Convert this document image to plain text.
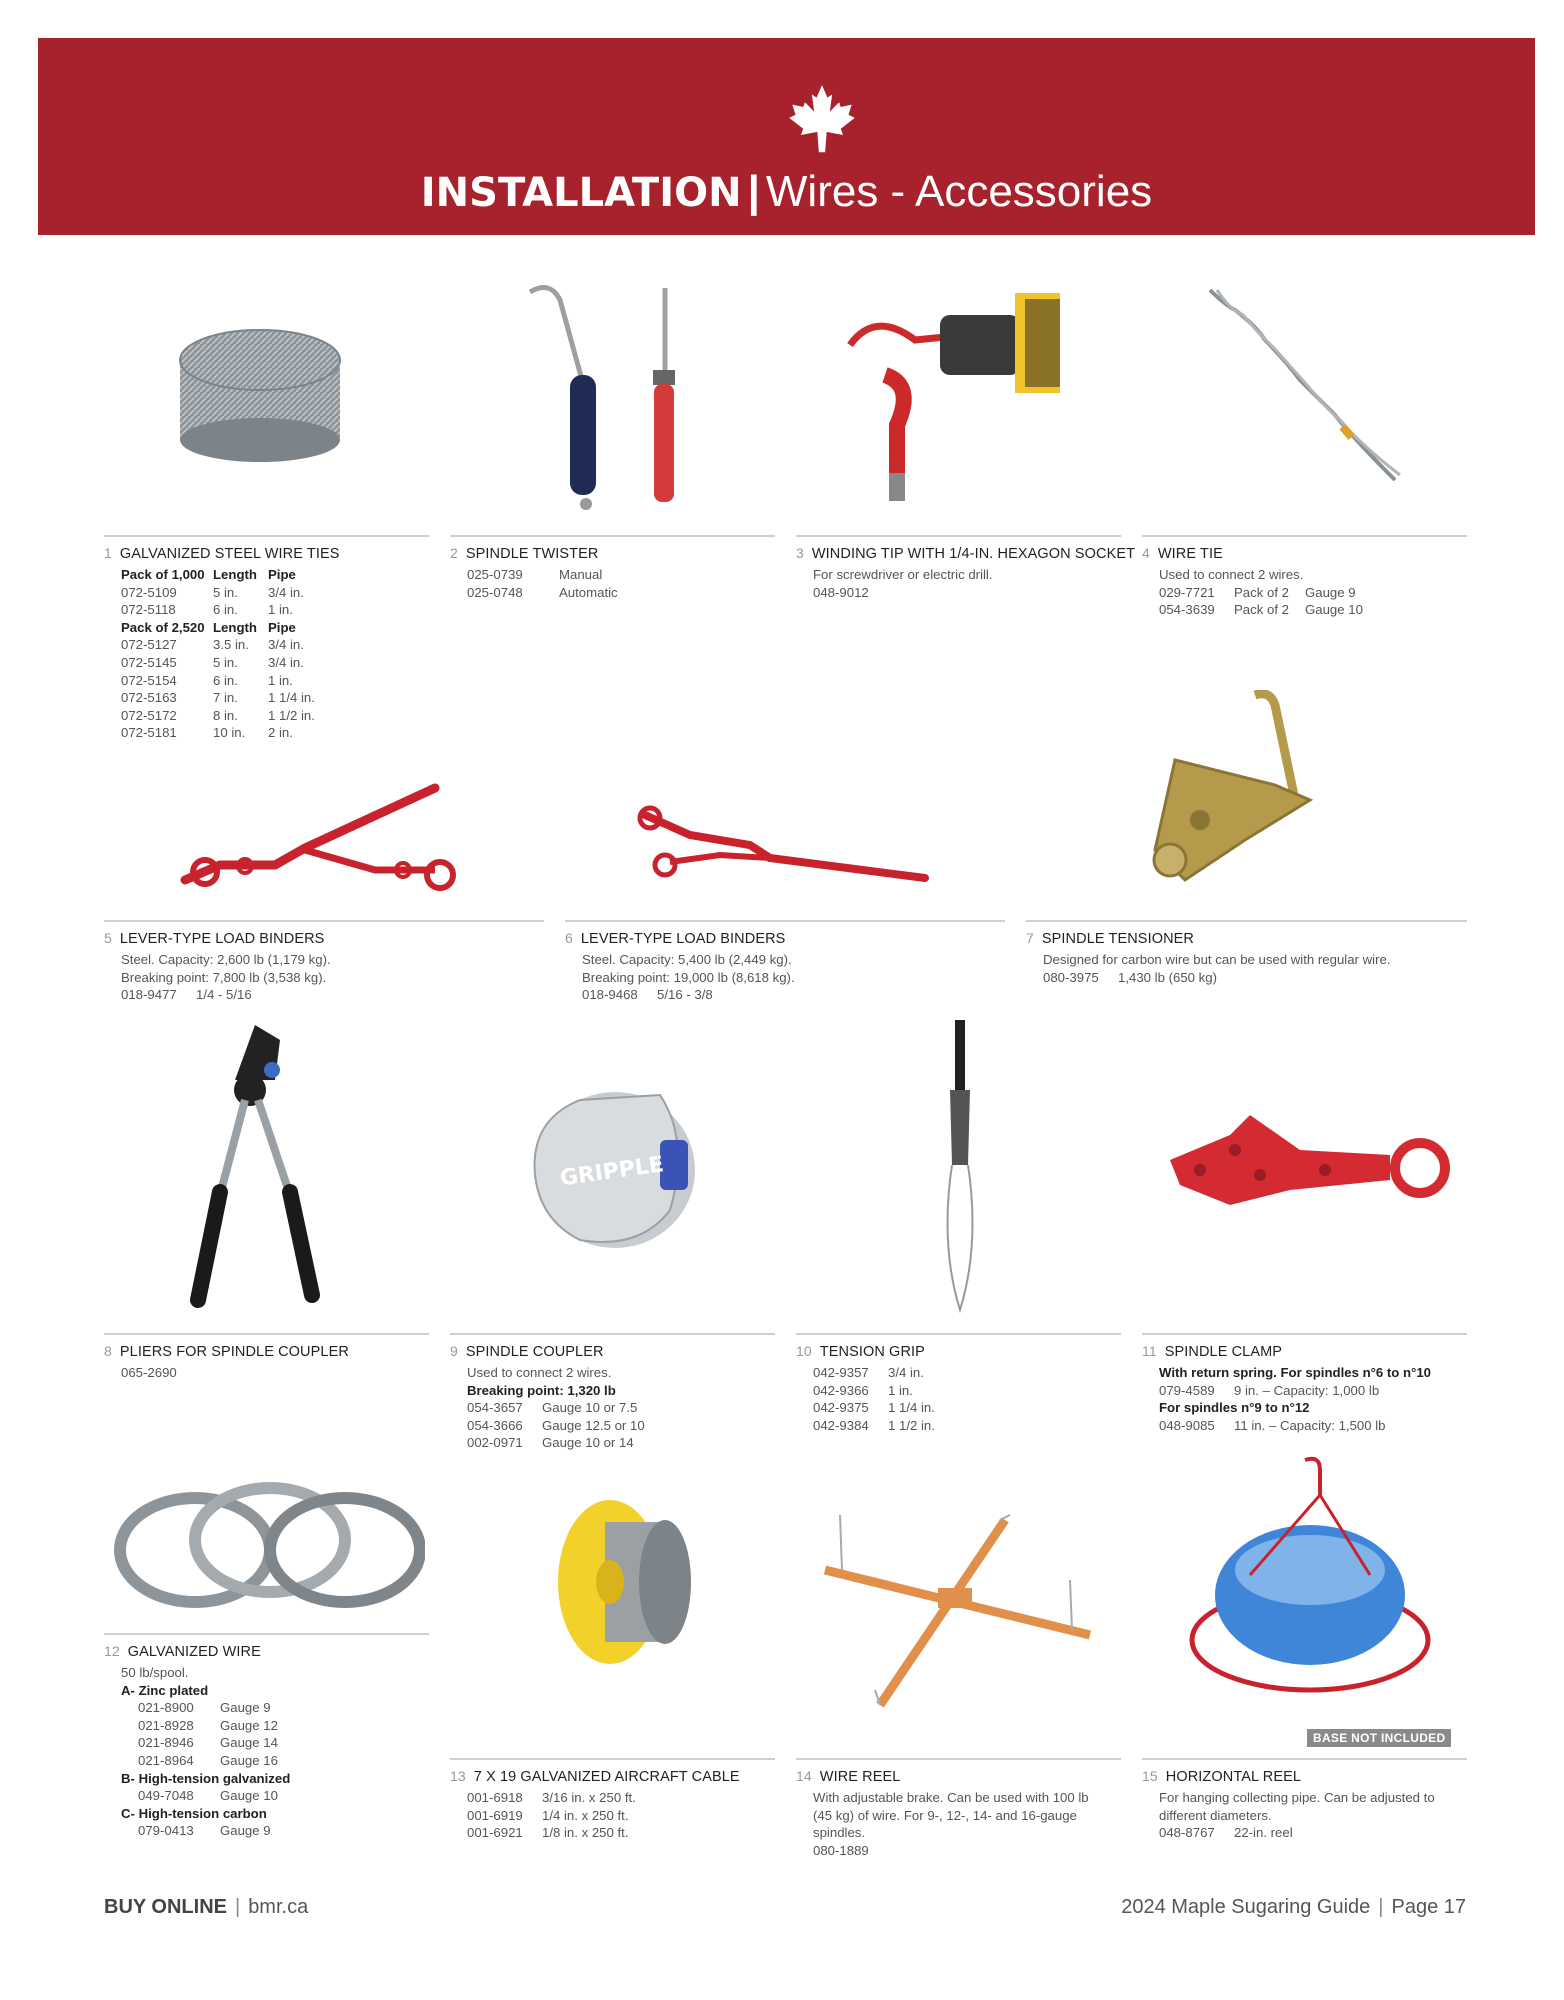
INSTALLATION | Wires - Accessories
1 GALVANIZED STEEL WIRE TIES
Pack of 1,000 Length Pipe
072-5109	5 in. 3/4 in.
072-5118	6 in. 1 in.
Pack of 2,520 Length Pipe
072-5127	3.5 in. 3/4 in.
072-5145	5 in. 3/4 in.
072-5154	6 in. 1 in.
072-5163	7 in. 1 1/4 in.
072-5172	8 in. 1 1/2 in.
072-5181	10 in. 2 in.
2 SPINDLE TWISTER
025-0739	Manual
025-0748	Automatic
3 WINDING TIP WITH 1/4-IN. HEXAGON SOCKET
For screwdriver or electric drill.
048-9012
4 WIRE TIE
Used to connect 2 wires.
029-7721 Pack of 2 Gauge 9
054-3639 Pack of 2 Gauge 10
5 LEVER-TYPE LOAD BINDERS
Steel. Capacity: 2,600 lb (1,179 kg).
Breaking point: 7,800 lb (3,538 kg).
018-9477 1/4 - 5/16
6 LEVER-TYPE LOAD BINDERS
Steel. Capacity: 5,400 lb (2,449 kg).
Breaking point: 19,000 lb (8,618 kg).
018-9468 5/16 - 3/8
7 SPINDLE TENSIONER
Designed for carbon wire but can be used with regular wire.
080-3975 1,430 lb (650 kg)
GRIPPLE
8 PLIERS FOR SPINDLE COUPLER
065-2690
9 SPINDLE COUPLER
Used to connect 2 wires.
Breaking point: 1,320 lb
054-3657 Gauge 10 or 7.5
054-3666 Gauge 12.5 or 10
002-0971 Gauge 10 or 14
10 TENSION GRIP
042-9357 3/4 in.
042-9366 1 in.
042-9375 1 1/4 in.
042-9384 1 1/2 in.
11 SPINDLE CLAMP
With return spring. For spindles n°6 to n°10
079-4589 9 in. – Capacity: 1,000 lb
For spindles n°9 to n°12
048-9085 11 in. – Capacity: 1,500 lb
12 GALVANIZED WIRE
50 lb/spool.
A- Zinc plated
021-8900 Gauge 9
021-8928 Gauge 12
021-8946 Gauge 14
021-8964 Gauge 16
B- High-tension galvanized
049-7048 Gauge 10
C- High-tension carbon
079-0413 Gauge 9
13 7 X 19 GALVANIZED AIRCRAFT CABLE
001-6918 3/16 in. x 250 ft.
001-6919 1/4 in. x 250 ft.
001-6921 1/8 in. x 250 ft.
14 WIRE REEL
With adjustable brake. Can be used with 100 lb
(45 kg) of wire. For 9-, 12-, 14- and 16-gauge
spindles.
080-1889
BASE NOT INCLUDED
15 HORIZONTAL REEL
For hanging collecting pipe. Can be adjusted to
different diameters.
048-8767 22-in. reel
BUY ONLINE | bmr.ca	2024 Maple Sugaring Guide | Page 17
